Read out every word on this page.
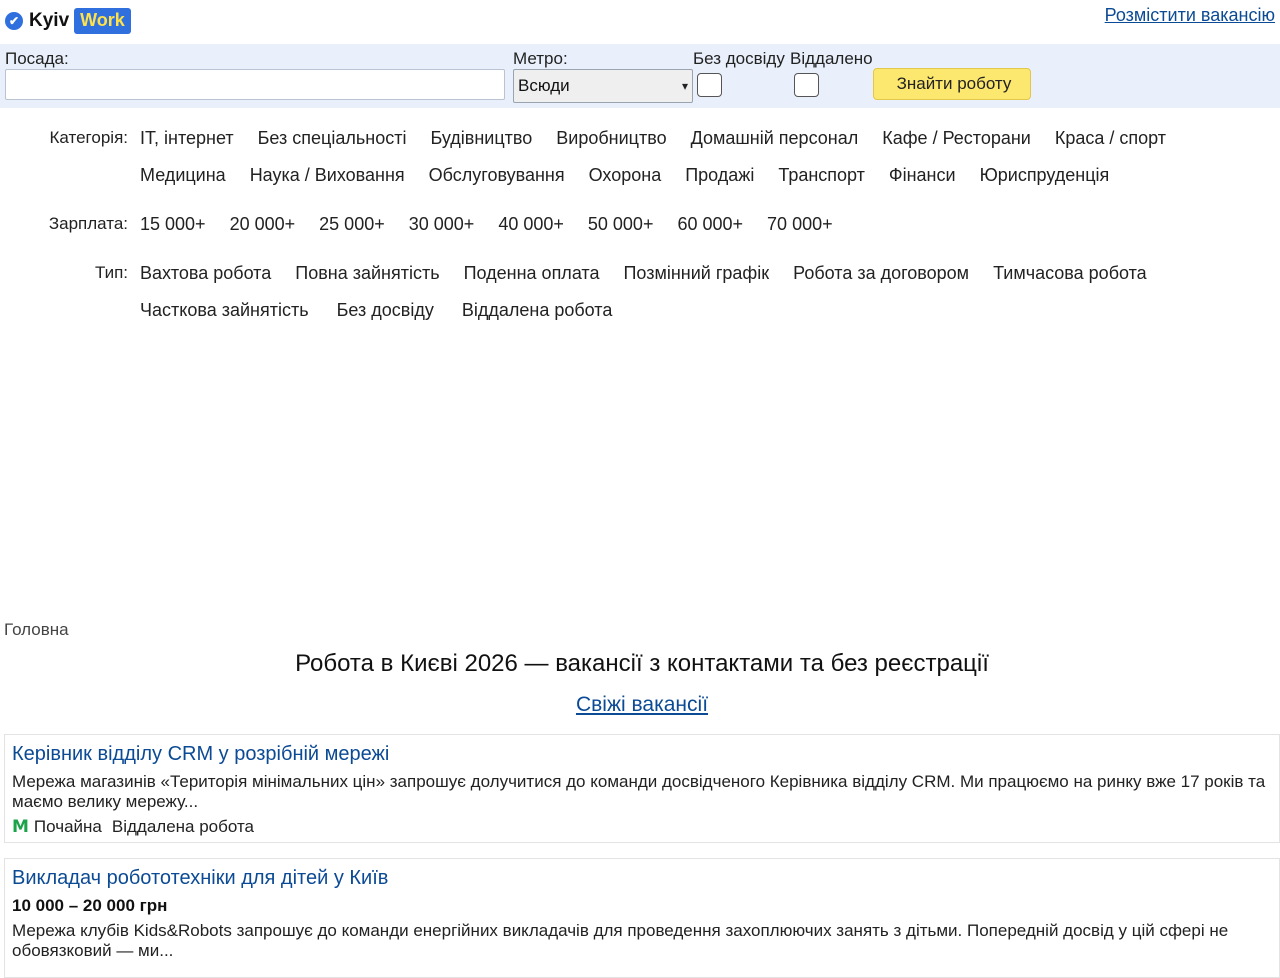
✔ Kyiv Work	Розмістити вакансію
Посада:	Метро:
Всюди	▾
Без досвіду Віддалено
Знайти роботу
Категорія: IT, інтернет Без спеціальності Будівництво Виробництво Домашній персонал Кафе / Ресторани Краса / спорт
Медицина Наука / Виховання Обслуговування Охорона Продажі Транспорт Фінанси Юриспруденція
Зарплата: 15 000+ 20 000+ 25 000+ 30 000+ 40 000+ 50 000+ 60 000+ 70 000+
Тип: Вахтова робота Повна зайнятість Поденна оплата Позмінний графік Робота за договором Тимчасова робота
Часткова зайнятість Без досвіду Віддалена робота
Головна
Робота в Києві 2026 — вакансії з контактами та без реєстрації
Свіжі вакансії
Керівник відділу CRM у розрібній мережі
Мережа магазинів «Територія мінімальних цін» запрошує долучитися до команди досвідченого Керівника відділу CRM. Ми працюємо на ринку вже 17 років та маємо велику мережу...
M Почайна Віддалена робота
Викладач робототехніки для дітей у Київ
10 000 – 20 000 грн
Мережа клубів Kids&Robots запрошує до команди енергійних викладачів для проведення захоплюючих занять з дітьми. Попередній досвід у цій сфері не обовязковий — ми...
